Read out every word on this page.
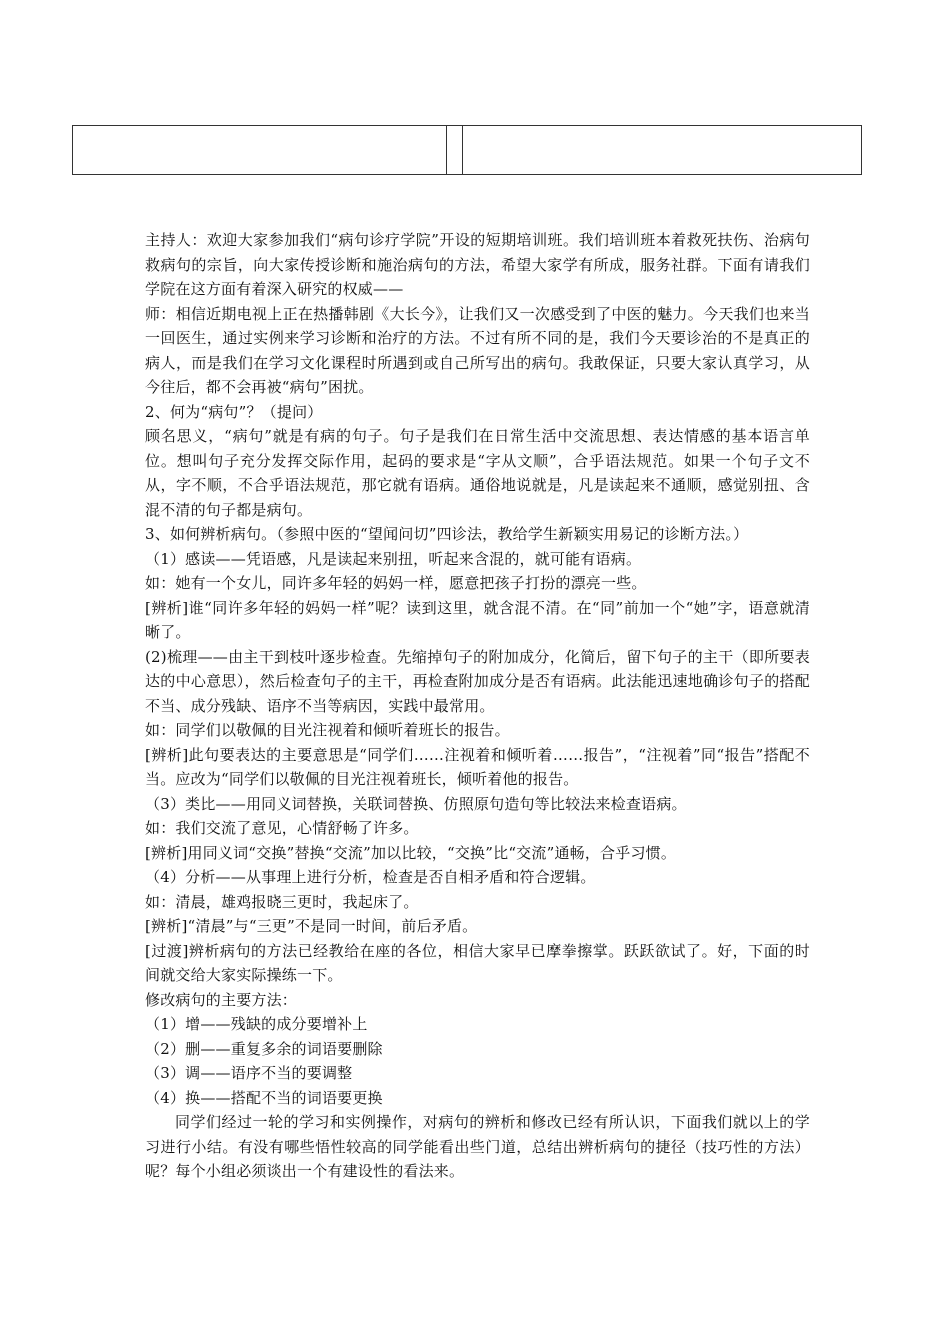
主持人：欢迎大家参加我们“病句诊疗学院”开设的短期培训班。我们培训班本着救死扶伤、治病句救病句的宗旨，向大家传授诊断和施治病句的方法，希望大家学有所成，服务社群。下面有请我们学院在这方面有着深入研究的权威——

师：相信近期电视上正在热播韩剧《大长今》，让我们又一次感受到了中医的魅力。今天我们也来当一回医生，通过实例来学习诊断和治疗的方法。不过有所不同的是，我们今天要诊治的不是真正的病人，而是我们在学习文化课程时所遇到或自己所写出的病句。我敢保证，只要大家认真学习，从今往后，都不会再被“病句”困扰。

2、何为“病句”？（提问）

顾名思义，“病句”就是有病的句子。句子是我们在日常生活中交流思想、表达情感的基本语言单位。想叫句子充分发挥交际作用，起码的要求是“字从文顺”，合乎语法规范。如果一个句子文不从，字不顺，不合乎语法规范，那它就有语病。通俗地说就是，凡是读起来不通顺，感觉别扭、含混不清的句子都是病句。

3、如何辨析病句。（参照中医的“望闻问切”四诊法，教给学生新颖实用易记的诊断方法。）

（1）感读——凭语感，凡是读起来别扭，听起来含混的，就可能有语病。

如：她有一个女儿，同许多年轻的妈妈一样，愿意把孩子打扮的漂亮一些。

[辨析]谁“同许多年轻的妈妈一样”呢？读到这里，就含混不清。在“同”前加一个“她”字，语意就清晰了。

(2)梳理——由主干到枝叶逐步检查。先缩掉句子的附加成分，化简后，留下句子的主干（即所要表达的中心意思），然后检查句子的主干，再检查附加成分是否有语病。此法能迅速地确诊句子的搭配不当、成分残缺、语序不当等病因，实践中最常用。

如：同学们以敬佩的目光注视着和倾听着班长的报告。

[辨析]此句要表达的主要意思是“同学们……注视着和倾听着……报告”，“注视着”同“报告”搭配不当。应改为“同学们以敬佩的目光注视着班长，倾听着他的报告。

（3）类比——用同义词替换，关联词替换、仿照原句造句等比较法来检查语病。

如：我们交流了意见，心情舒畅了许多。

[辨析]用同义词“交换”替换“交流”加以比较，“交换”比“交流”通畅，合乎习惯。

（4）分析——从事理上进行分析，检查是否自相矛盾和符合逻辑。

如：清晨，雄鸡报晓三更时，我起床了。

[辨析]“清晨”与“三更”不是同一时间，前后矛盾。

[过渡]辨析病句的方法已经教给在座的各位，相信大家早已摩拳擦掌。跃跃欲试了。好，下面的时间就交给大家实际操练一下。

修改病句的主要方法：

（1）增——残缺的成分要增补上

（2）删——重复多余的词语要删除

（3）调——语序不当的要调整

（4）换——搭配不当的词语要更换

同学们经过一轮的学习和实例操作，对病句的辨析和修改已经有所认识，下面我们就以上的学习进行小结。有没有哪些悟性较高的同学能看出些门道，总结出辨析病句的捷径（技巧性的方法）呢？每个小组必须谈出一个有建设性的看法来。
